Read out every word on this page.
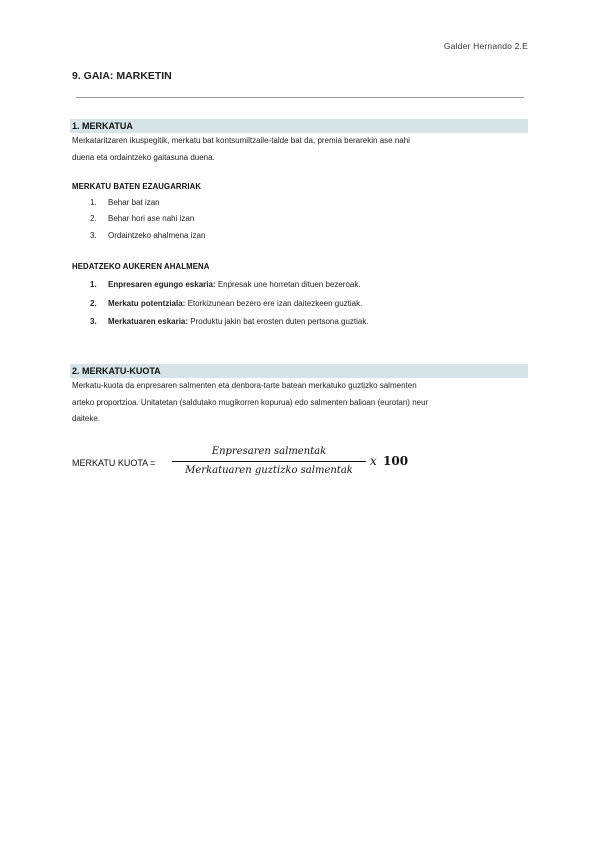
Galder Hernando 2.E
9. GAIA: MARKETIN
1. MERKATUA
Merkataritzaren ikuspegitik, merkatu bat kontsumiltzaile-talde bat da, premia berarekin ase nahi
duena eta ordaintzeko gaitasuna duena.
MERKATU BATEN EZAUGARRIAK
1. Behar bat izan
2. Behar hori ase nahi izan
3. Ordaintzeko ahalmena izan
HEDATZEKO AUKEREN AHALMENA
1. Enpresaren egungo eskaria: Enpresak une horretan dituen bezeroak.
2. Merkatu potentziala: Etorkizunean bezero ere izan daitezkeen guztiak.
3. Merkatuaren eskaria: Produktu jakin bat erosten duten pertsona guztiak.
2. MERKATU-KUOTA
Merkatu-kuota da enpresaren salmenten eta denbora-tarte batean merkatuko guztizko salmenten
arteko proportzioa. Unitatetan (saldutako mugikorren kopurua) edo salmenten balioan (eurotan) neur
daiteke.
MERKATU KUOTA =
Enpresaren salmentak
Merkatuaren guztizko salmentak
x 100
